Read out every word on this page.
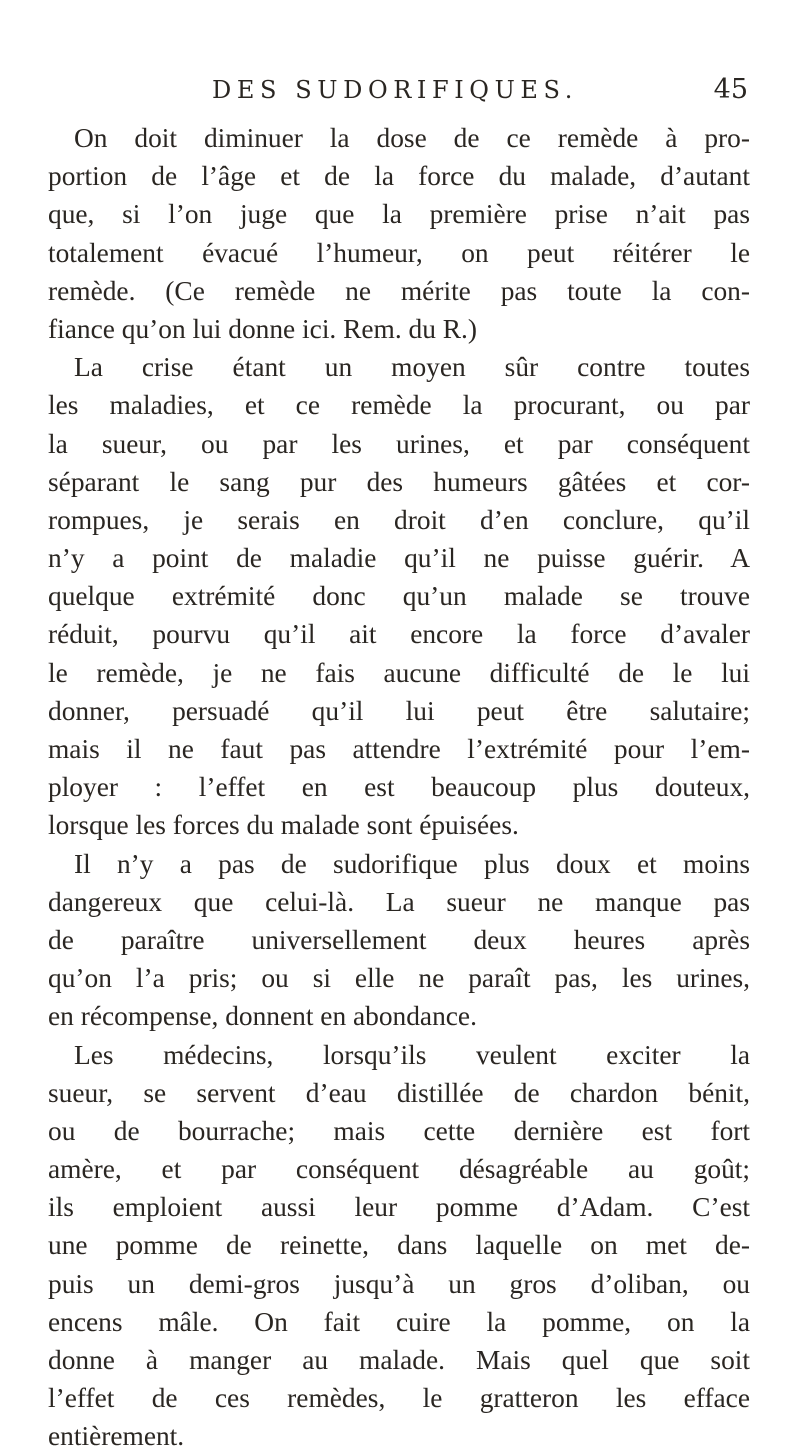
DES SUDORIFIQUES.	45
On doit diminuer la dose de ce remède à pro-
portion de l’âge et de la force du malade, d’autant
que, si l’on juge que la première prise n’ait pas
totalement évacué l’humeur, on peut réitérer le
remède. (Ce remède ne mérite pas toute la con-
fiance qu’on lui donne ici. Rem. du R.)
La crise étant un moyen sûr contre toutes
les maladies, et ce remède la procurant, ou par
la sueur, ou par les urines, et par conséquent
séparant le sang pur des humeurs gâtées et cor-
rompues, je serais en droit d’en conclure, qu’il
n’y a point de maladie qu’il ne puisse guérir. A
quelque extrémité donc qu’un malade se trouve
réduit, pourvu qu’il ait encore la force d’avaler
le remède, je ne fais aucune difficulté de le lui
donner, persuadé qu’il lui peut être salutaire;
mais il ne faut pas attendre l’extrémité pour l’em-
ployer : l’effet en est beaucoup plus douteux,
lorsque les forces du malade sont épuisées.
Il n’y a pas de sudorifique plus doux et moins
dangereux que celui-là. La sueur ne manque pas
de paraître universellement deux heures après
qu’on l’a pris; ou si elle ne paraît pas, les urines,
en récompense, donnent en abondance.
Les médecins, lorsqu’ils veulent exciter la
sueur, se servent d’eau distillée de chardon bénit,
ou de bourrache; mais cette dernière est fort
amère, et par conséquent désagréable au goût;
ils emploient aussi leur pomme d’Adam. C’est
une pomme de reinette, dans laquelle on met de-
puis un demi-gros jusqu’à un gros d’oliban, ou
encens mâle. On fait cuire la pomme, on la
donne à manger au malade. Mais quel que soit
l’effet de ces remèdes, le gratteron les efface
entièrement.
